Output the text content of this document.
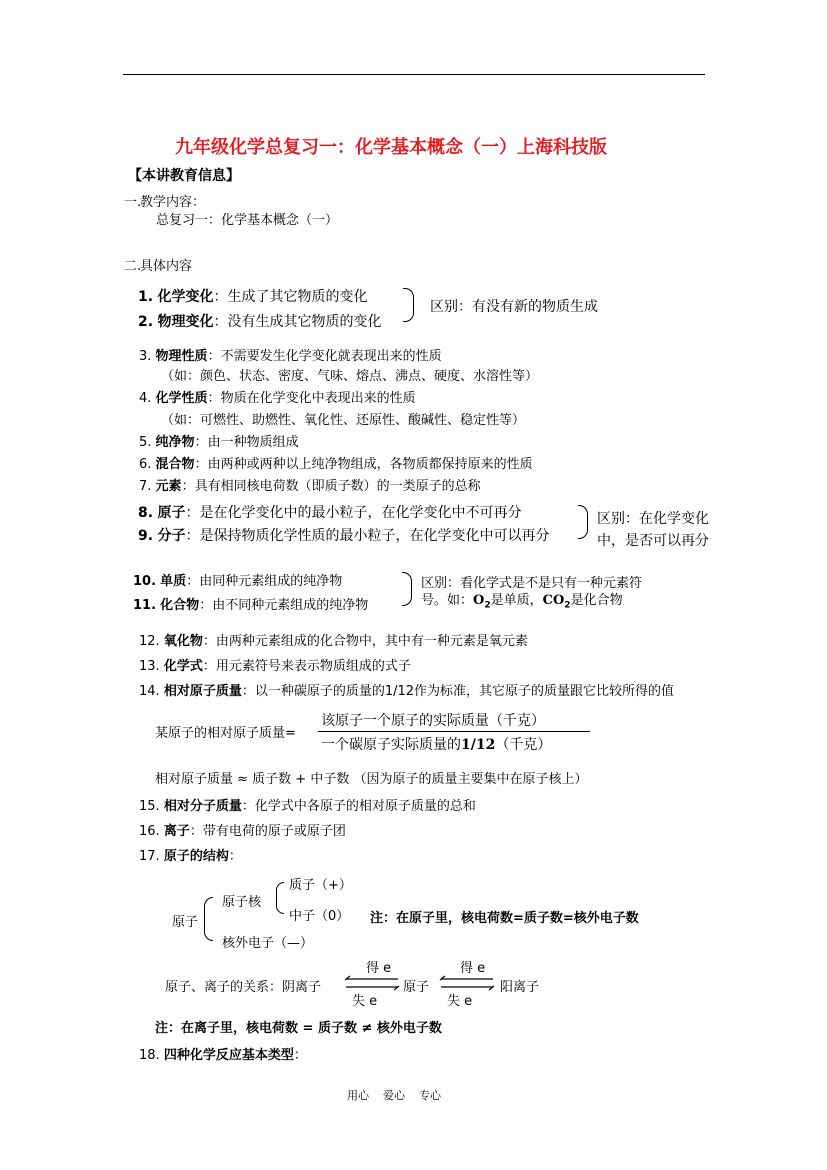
九年级化学总复习一：化学基本概念（一）上海科技版
【本讲教育信息】
一.
教学内容：
总复习一：化学基本概念（一）
二.
具体内容
1. 化学变化：生成了其它物质的变化
2. 物理变化：没有生成其它物质的变化
区别：有没有新的物质生成
3. 物理性质：不需要发生化学变化就表现出来的性质
（如：颜色、状态、密度、气味、熔点、沸点、硬度、水溶性等）
4. 化学性质：物质在化学变化中表现出来的性质
（如：可燃性、助燃性、氧化性、还原性、酸碱性、稳定性等）
5. 纯净物：由一种物质组成
6. 混合物：由两种或两种以上纯净物组成，各物质都保持原来的性质
7. 元素：具有相同核电荷数（即质子数）的一类原子的总称
8. 原子：是在化学变化中的最小粒子，在化学变化中不可再分
9. 分子：是保持物质化学性质的最小粒子，在化学变化中可以再分
区别：在化学变化
中，是否可以再分
10. 单质：由同种元素组成的纯净物
11. 化合物：由不同种元素组成的纯净物
区别：看化学式是不是只有一种元素符
号。如：$O_2$是单质，$CO_2$是化合物
12. 氧化物：由两种元素组成的化合物中，其中有一种元素是氧元素
13. 化学式：用元素符号来表示物质组成的式子
14. 相对原子质量：以一种碳原子的质量的1/12作为标准，其它原子的质量跟它比较所得的值
某原子的相对原子质量=
该原子一个原子的实际质量（千克）
一个碳原子实际质量的1/12（千克）
相对原子质量 ≈ 质子数 + 中子数 （因为原子的质量主要集中在原子核上）
15. 相对分子质量：化学式中各原子的相对原子质量的总和
16. 离子：带有电荷的原子或原子团
17. 原子的结构：
原子
原子核
质子（+）
中子（0）
核外电子（—）
注：在原子里，核电荷数=质子数=核外电子数
原子、离子的关系：阴离子
得 e
失 e
原子
得 e
失 e
阳离子
注：在离子里，核电荷数 = 质子数 ≠ 核外电子数
18. 四种化学反应基本类型：
用心    爱心    专心
